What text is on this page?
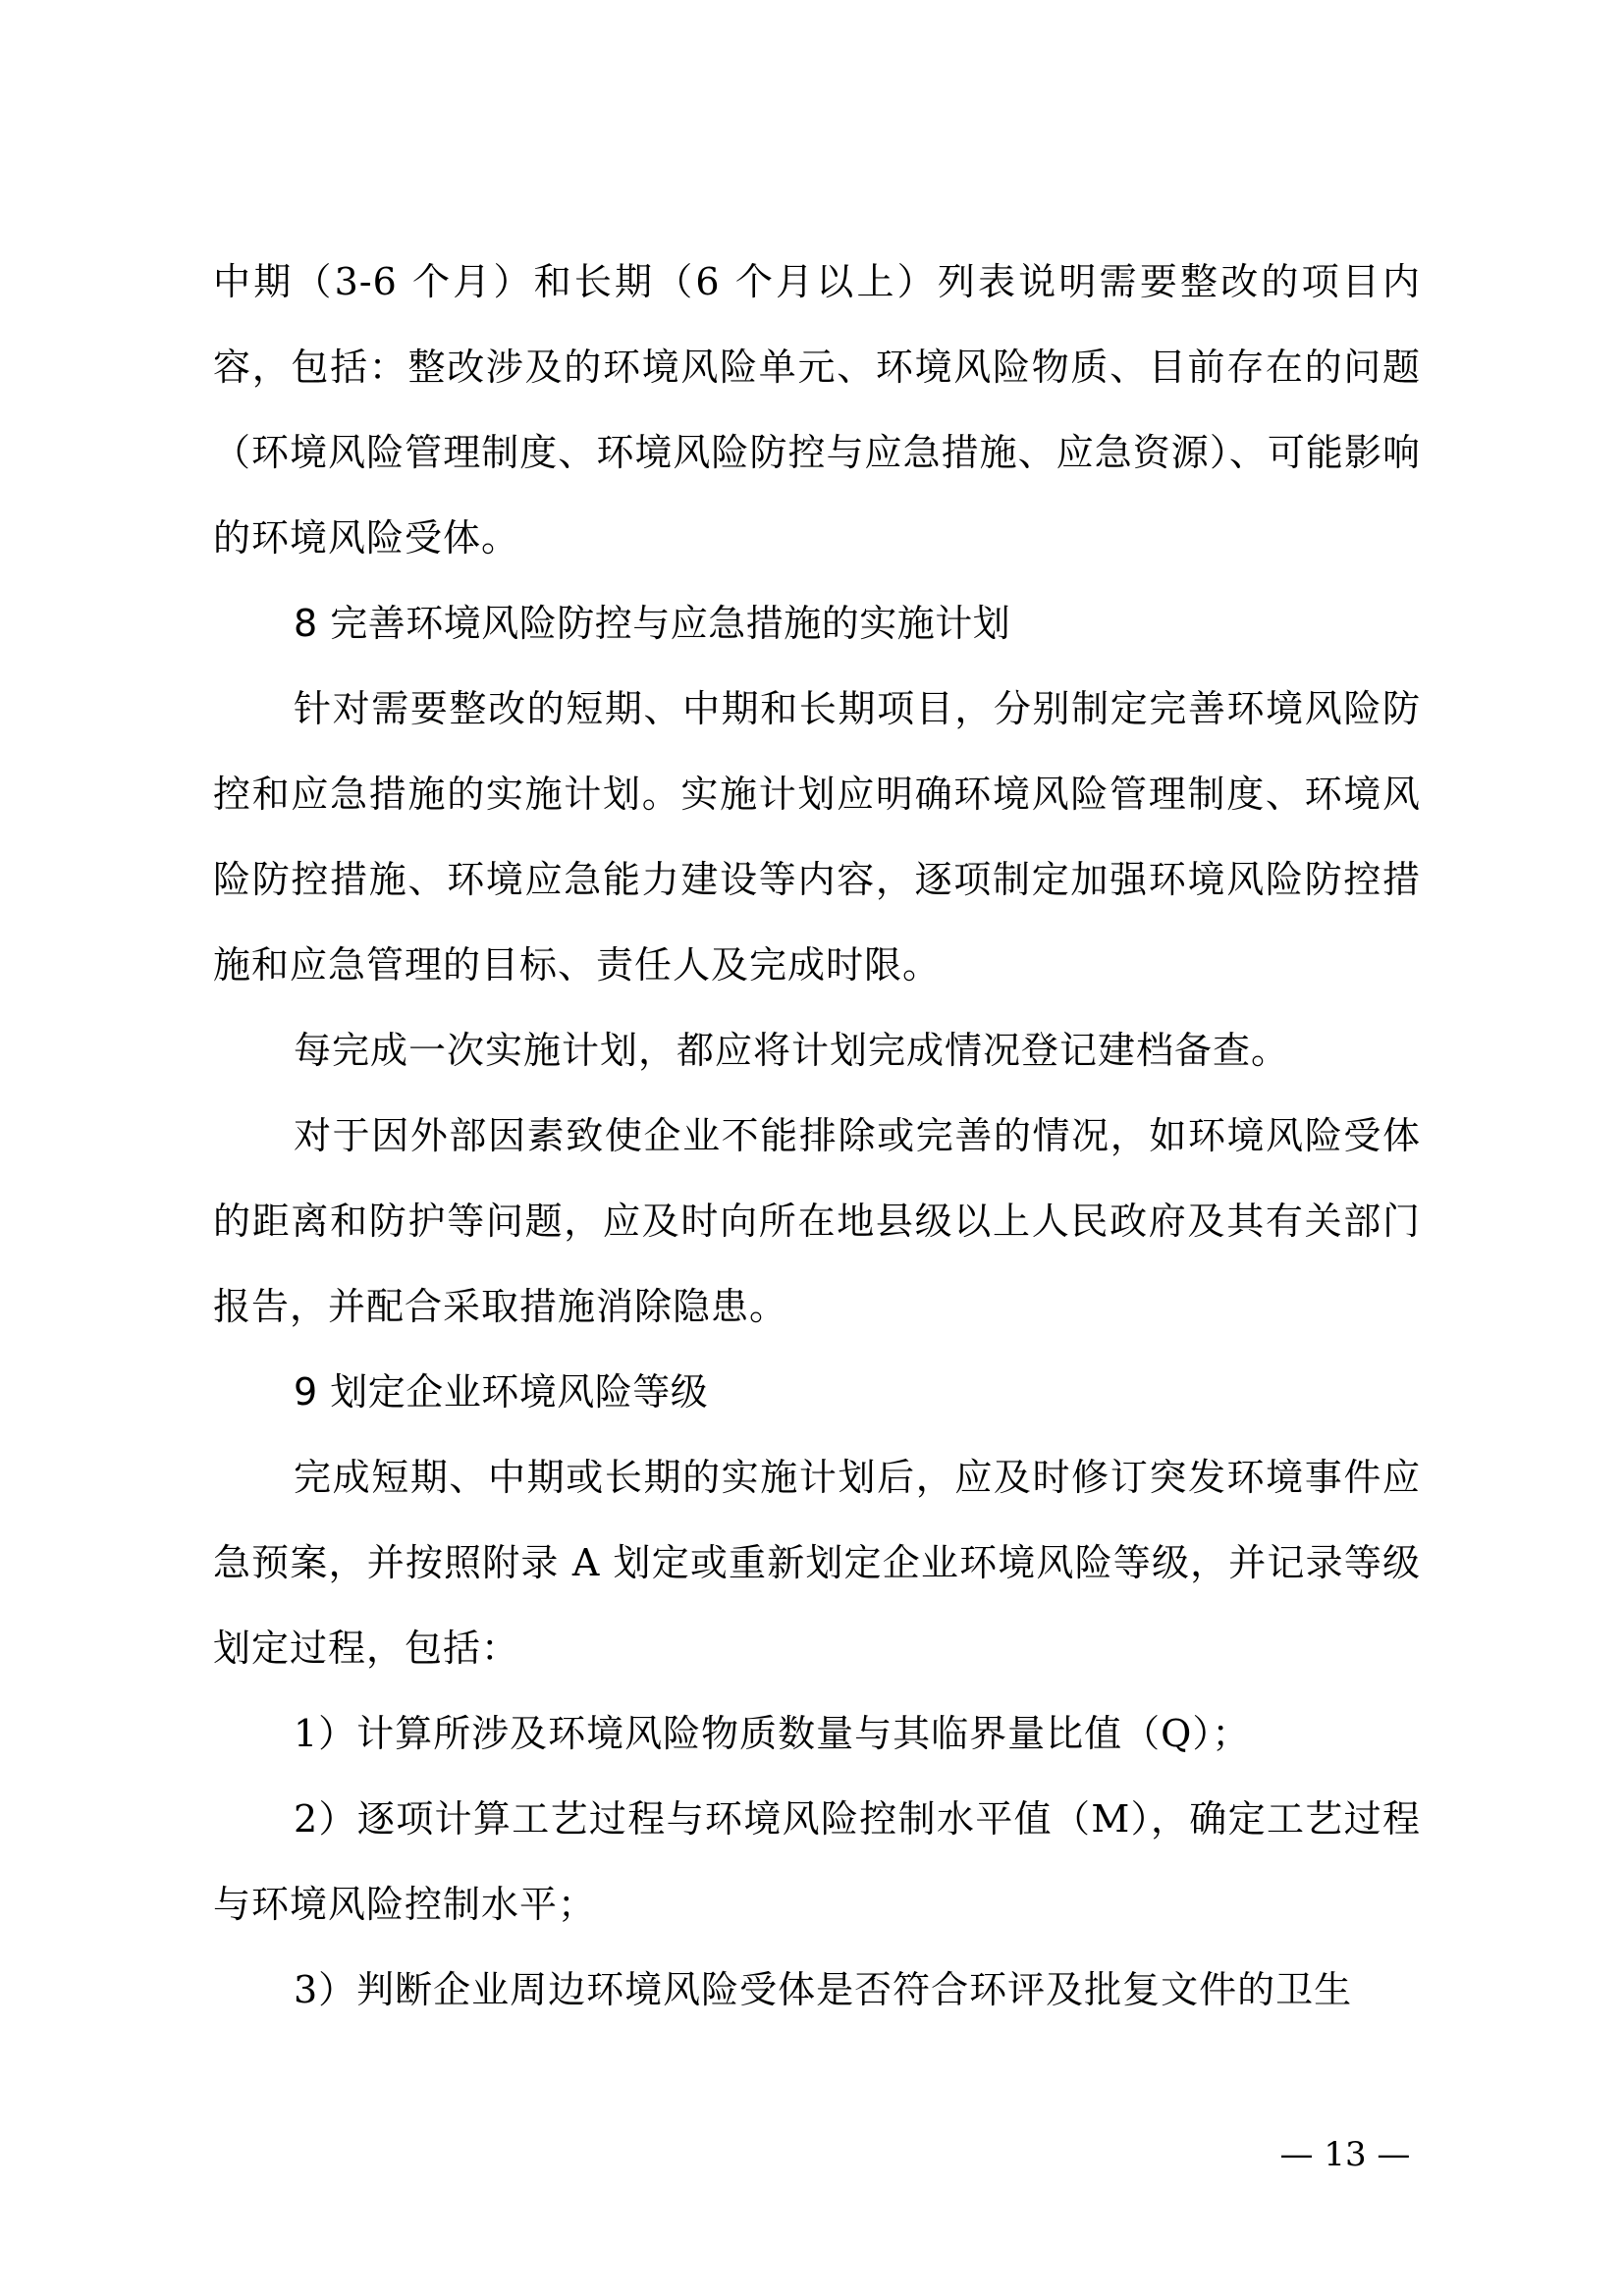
中期（3-6 个月）和长期（6 个月以上）列表说明需要整改的项目内容，包括：整改涉及的环境风险单元、环境风险物质、目前存在的问题（环境风险管理制度、环境风险防控与应急措施、应急资源）、可能影响的环境风险受体。

8 完善环境风险防控与应急措施的实施计划

针对需要整改的短期、中期和长期项目，分别制定完善环境风险防控和应急措施的实施计划。实施计划应明确环境风险管理制度、环境风险防控措施、环境应急能力建设等内容，逐项制定加强环境风险防控措施和应急管理的目标、责任人及完成时限。

每完成一次实施计划，都应将计划完成情况登记建档备查。

对于因外部因素致使企业不能排除或完善的情况，如环境风险受体的距离和防护等问题，应及时向所在地县级以上人民政府及其有关部门报告，并配合采取措施消除隐患。

9 划定企业环境风险等级

完成短期、中期或长期的实施计划后，应及时修订突发环境事件应急预案，并按照附录 A 划定或重新划定企业环境风险等级，并记录等级划定过程，包括：

1）计算所涉及环境风险物质数量与其临界量比值（Q）；

2）逐项计算工艺过程与环境风险控制水平值（M），确定工艺过程与环境风险控制水平；

3）判断企业周边环境风险受体是否符合环评及批复文件的卫生

— 13 —
